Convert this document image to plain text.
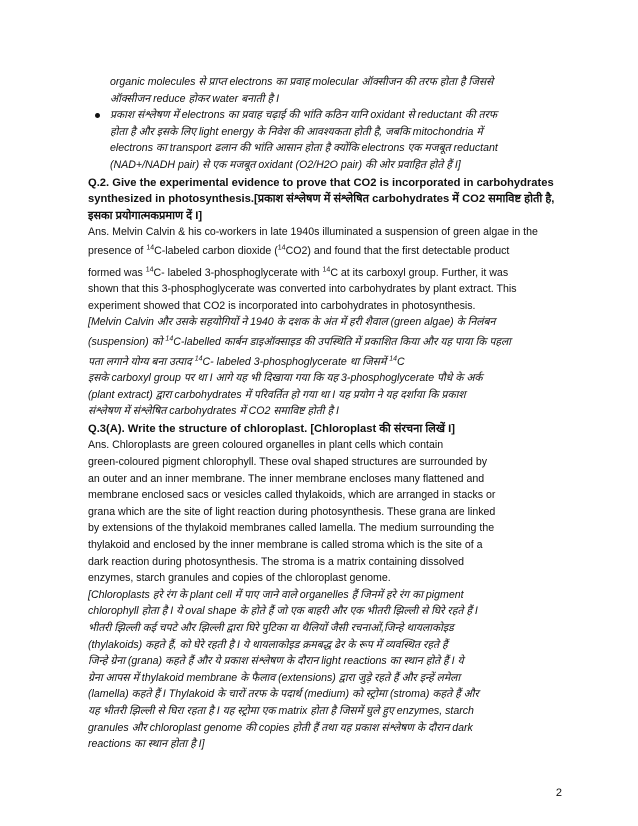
organic molecules से प्राप्त electrons का प्रवाह molecular ऑक्सीजन की तरफ होता है जिससे

ऑक्सीजन reduce होकर water बनाती है I

प्रकाश संश्लेषण में electrons का प्रवाह चढ़ाई की भांति कठिन यानि oxidant से reductant की तरफ

होता है और इसके लिए light energy के निवेश की आवश्यकता होती है, जबकि mitochondria में

electrons का transport ढलान की भांति आसान होता है क्योंकि electrons एक मजबूत reductant

(NAD+/NADH pair) से एक मजबूत oxidant (O2/H2O pair) की ओर प्रवाहित होते हैं I]

Q.2. Give the experimental evidence to prove that CO2 is incorporated in carbohydrates synthesized in photosynthesis.[प्रकाश संश्लेषण में संश्लेषित carbohydrates में CO2 समाविष्ट होती है, इसका प्रयोगात्मकप्रमाण दें I]

Ans. Melvin Calvin & his co-workers in late 1940s illuminated a suspension of green algae in the

presence of $^{14}$C-labeled carbon dioxide ($^{14}$CO2) and found that the first detectable product

formed was $^{14}$C- labeled 3-phosphoglycerate with $^{14}$C at its carboxyl group. Further, it was

shown that this 3-phosphoglycerate was converted into carbohydrates by plant extract. This

experiment showed that CO2 is incorporated into carbohydrates in photosynthesis.

[Melvin Calvin और उसके सहयोगियों ने 1940 के दशक के अंत में हरी शैवाल (green algae) के निलंबन

(suspension) को $^{14}$C-labelled कार्बन डाइऑक्साइड की उपस्थिति में प्रकाशित किया और यह पाया कि पहला

पता लगाने योग्य बना उत्पाद $^{14}$C- labeled 3-phosphoglycerate था जिसमें $^{14}$C

इसके carboxyl group पर था I आगे यह भी दिखाया गया कि यह 3-phosphoglycerate पौधे के अर्क

(plant extract) द्वारा carbohydrates में परिवर्तित हो गया था I यह प्रयोग ने यह दर्शाया कि प्रकाश

संश्लेषण में संश्लेषित carbohydrates में CO2 समाविष्ट होती है I

Q.3(A). Write the structure of chloroplast. [Chloroplast की संरचना लिखें I]

Ans. Chloroplasts are green coloured organelles in plant cells which contain

green-coloured pigment chlorophyll. These oval shaped structures are surrounded by

an outer and an inner membrane. The inner membrane encloses many flattened and

membrane enclosed sacs or vesicles called thylakoids, which are arranged in stacks or

grana which are the site of light reaction during photosynthesis. These grana are linked

by extensions of the thylakoid membranes called lamella. The medium surrounding the

thylakoid and enclosed by the inner membrane is called stroma which is the site of a

dark reaction during photosynthesis. The stroma is a matrix containing dissolved

enzymes, starch granules and copies of the chloroplast genome.

[Chloroplasts हरे रंग के plant cell में पाए जाने वाले organelles हैं जिनमें हरे रंग का pigment

chlorophyll होता है I ये oval shape के होते हैं जो एक बाहरी और एक भीतरी झिल्ली से घिरे रहते हैं I

भीतरी झिल्ली कई चपटे और झिल्ली द्वारा घिरे पुटिका या थैलियों जैसी रचनाओं,जिन्हे थायलाकोइड

(thylakoids) कहते हैं, को घेरे रहती है I ये थायलाकोइड क्रमबद्ध ढेर के रूप में व्यवस्थित रहते हैं

जिन्हे ग्रेना (grana) कहते हैं और ये प्रकाश संश्लेषण के दौरान light reactions का स्थान होते हैं I ये

ग्रेना आपस में thylakoid membrane के फैलाव (extensions) द्वारा जुड़े रहते हैं और इन्हें लमेला

(lamella) कहते हैं I Thylakoid के चारों तरफ के पदार्थ (medium) को स्ट्रोमा (stroma) कहते हैं और

यह भीतरी झिल्ली से घिरा रहता है I यह स्ट्रोमा एक matrix होता है जिसमें घुले हुए enzymes, starch

granules और chloroplast genome की copies होती हैं तथा यह प्रकाश संश्लेषण के दौरान dark

reactions का स्थान होता है I]

2
